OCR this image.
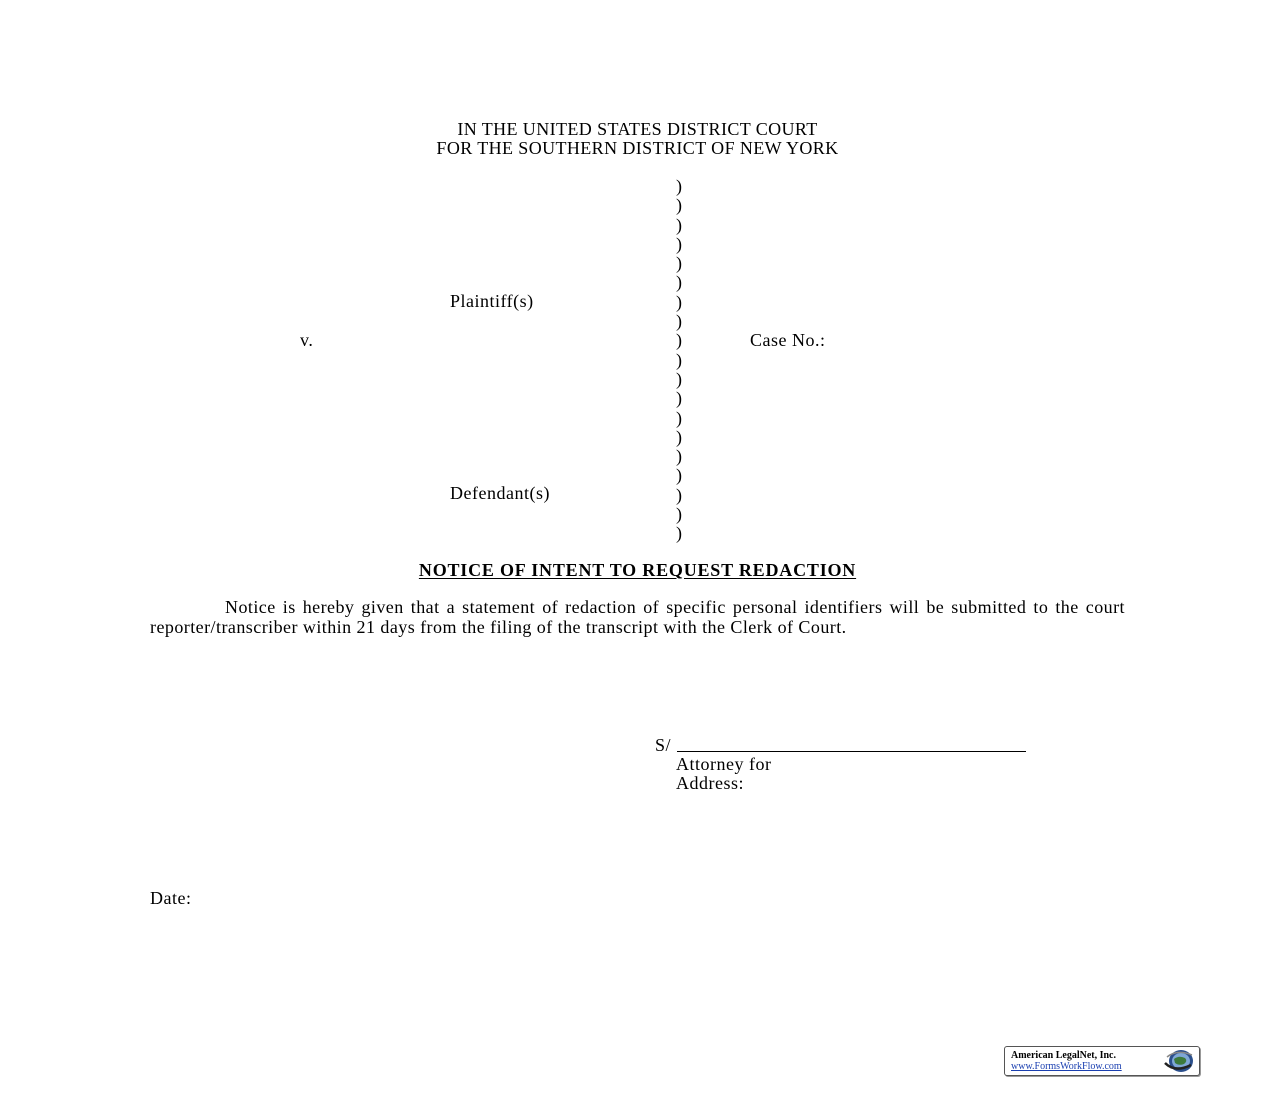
IN THE UNITED STATES DISTRICT COURT
FOR THE SOUTHERN DISTRICT OF NEW YORK
)
)
)
)
)
)
)
)
)
)
)
)
)
)
)
)
)
)
)
Plaintiff(s)
v.	Case No.:
Defendant(s)
NOTICE OF INTENT TO REQUEST REDACTION
Notice is hereby given that a statement of redaction of specific personal identifiers will be submitted to the court reporter/transcriber within 21 days from the filing of the transcript with the Clerk of Court.
S/
Attorney for
Address:
Date:
American LegalNet, Inc.
www.FormsWorkFlow.com
